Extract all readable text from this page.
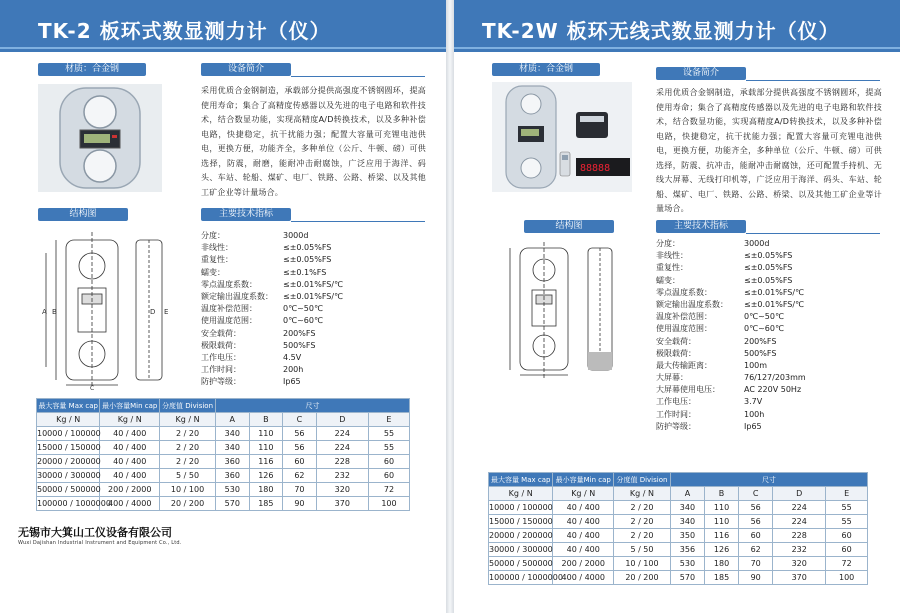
TK-2 板环式数显测力计（仪）
材质：合金钢	设备简介
采用优质合金钢制造，承载部分提供高强度不锈钢圆环，提高使用寿命；集合了高精度传感器以及先进的电子电路和软件技术，结合数显功能，实现高精度A/D转换技术，以及多种补偿电路，快捷稳定，抗干扰能力强；配置大容量可充锂电池供电，更换方便，功能齐全，多种单位（公斤、牛顿、磅）可供选择，防震，耐磨，能耐冲击耐腐蚀，广泛应用于海洋、码头、车站、轮船、煤矿、电厂、铁路、公路、桥梁、以及其他工矿企业等计量场合。
结构图	主要技术指标
A B
C
D E
分度：	3000d
非线性：	≤±0.05%FS
重复性：	≤±0.05%FS
蠕变：	≤±0.1%FS
零点温度系数：	≤±0.01%FS/℃
额定输出温度系数： ≤±0.01%FS/℃
温度补偿范围：	0℃~50℃
使用温度范围：	0℃~60℃
安全载荷：	200%FS
极限载荷：	500%FS
工作电压：	4.5V
工作时间：	200h
防护等级：	Ip65
最大容量 Max cap	最小容量Min cap	分度值 Division	尺寸				
Kg / N	Kg / N	Kg / N	A	B	C	D	E
10000 / 100000	40 / 400	2 / 20	340	110	56	224	55
15000 / 150000	40 / 400	2 / 20	340	110	56	224	55
20000 / 200000	40 / 400	2 / 20	360	116	60	228	60
30000 / 300000	40 / 400	5 / 50	360	126	62	232	60
50000 / 500000	200 / 2000	10 / 100	530	180	70	320	72
100000 / 1000000	400 / 4000	20 / 200	570	185	90	370	100
无锡市大箕山工仪设备有限公司
Wuxi Dajishan Industrial Instrument and Equipment Co., Ltd.
TK-2W 板环无线式数显测力计（仪）
材质：合金钢	设备简介
88888
采用优质合金钢制造，承载部分提供高强度不锈钢圆环，提高使用寿命；集合了高精度传感器以及先进的电子电路和软件技术，结合数显功能，实现高精度A/D转换技术，以及多种补偿电路，快捷稳定，抗干扰能力强；配置大容量可充锂电池供电，更换方便，功能齐全，多种单位（公斤、牛顿、磅）可供选择，防震、抗冲击，能耐冲击耐腐蚀，还可配置手持机、无线大屏幕、无线打印机等，广泛应用于海洋、码头、车站、轮船、煤矿、电厂、铁路、公路、桥梁、以及其他工矿企业等计量场合。
结构图	主要技术指标
分度：	3000d
非线性：	≤±0.05%FS
重复性：	≤±0.05%FS
蠕变：	≤±0.05%FS
零点温度系数：	≤±0.01%FS/℃
额定输出温度系数： ≤±0.01%FS/℃
温度补偿范围：	0℃~50℃
使用温度范围：	0℃~60℃
安全载荷：	200%FS
极限载荷：	500%FS
最大传输距离：	100m
大屏幕：	76/127/203mm
大屏幕使用电压：	AC 220V 50Hz
工作电压：	3.7V
工作时间：	100h
防护等级：	Ip65
最大容量 Max cap	最小容量Min cap	分度值 Division	尺寸				
Kg / N	Kg / N	Kg / N	A	B	C	D	E
10000 / 100000	40 / 400	2 / 20	340	110	56	224	55
15000 / 150000	40 / 400	2 / 20	340	110	56	224	55
20000 / 200000	40 / 400	2 / 20	350	116	60	228	60
30000 / 300000	40 / 400	5 / 50	356	126	62	232	60
50000 / 500000	200 / 2000	10 / 100	530	180	70	320	72
100000 / 1000000	400 / 4000	20 / 200	570	185	90	370	100
